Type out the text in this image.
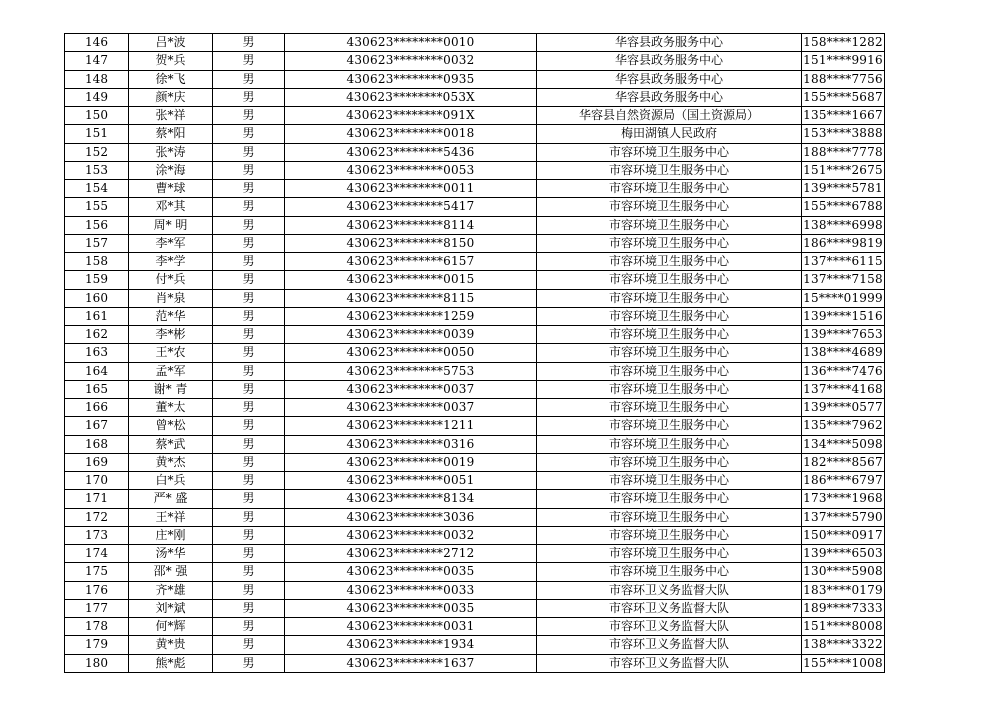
146	吕*波	男	430623********0010	华容县政务服务中心	158****1282
147	贺*兵	男	430623********0032	华容县政务服务中心	151****9916
148	徐*飞	男	430623********0935	华容县政务服务中心	188****7756
149	颜*庆	男	430623********053X	华容县政务服务中心	155****5687
150	张*祥	男	430623********091X	华容县自然资源局（国土资源局）	135****1667
151	蔡*阳	男	430623********0018	梅田湖镇人民政府	153****3888
152	张*涛	男	430623********5436	市容环境卫生服务中心	188****7778
153	涂*海	男	430623********0053	市容环境卫生服务中心	151****2675
154	曹*球	男	430623********0011	市容环境卫生服务中心	139****5781
155	邓*其	男	430623********5417	市容环境卫生服务中心	155****6788
156	周* 明	男	430623********8114	市容环境卫生服务中心	138****6998
157	李*军	男	430623********8150	市容环境卫生服务中心	186****9819
158	李*学	男	430623********6157	市容环境卫生服务中心	137****6115
159	付*兵	男	430623********0015	市容环境卫生服务中心	137****7158
160	肖*泉	男	430623********8115	市容环境卫生服务中心	15****01999
161	范*华	男	430623********1259	市容环境卫生服务中心	139****1516
162	李*彬	男	430623********0039	市容环境卫生服务中心	139****7653
163	王*农	男	430623********0050	市容环境卫生服务中心	138****4689
164	孟*军	男	430623********5753	市容环境卫生服务中心	136****7476
165	谢* 青	男	430623********0037	市容环境卫生服务中心	137****4168
166	董*太	男	430623********0037	市容环境卫生服务中心	139****0577
167	曾*松	男	430623********1211	市容环境卫生服务中心	135****7962
168	蔡*武	男	430623********0316	市容环境卫生服务中心	134****5098
169	黄*杰	男	430623********0019	市容环境卫生服务中心	182****8567
170	白*兵	男	430623********0051	市容环境卫生服务中心	186****6797
171	严* 盛	男	430623********8134	市容环境卫生服务中心	173****1968
172	王*祥	男	430623********3036	市容环境卫生服务中心	137****5790
173	庄*刚	男	430623********0032	市容环境卫生服务中心	150****0917
174	汤*华	男	430623********2712	市容环境卫生服务中心	139****6503
175	邵* 强	男	430623********0035	市容环境卫生服务中心	130****5908
176	齐*雄	男	430623********0033	市容环卫义务监督大队	183****0179
177	刘*斌	男	430623********0035	市容环卫义务监督大队	189****7333
178	何*辉	男	430623********0031	市容环卫义务监督大队	151****8008
179	黄*贵	男	430623********1934	市容环卫义务监督大队	138****3322
180	熊*彪	男	430623********1637	市容环卫义务监督大队	155****1008
